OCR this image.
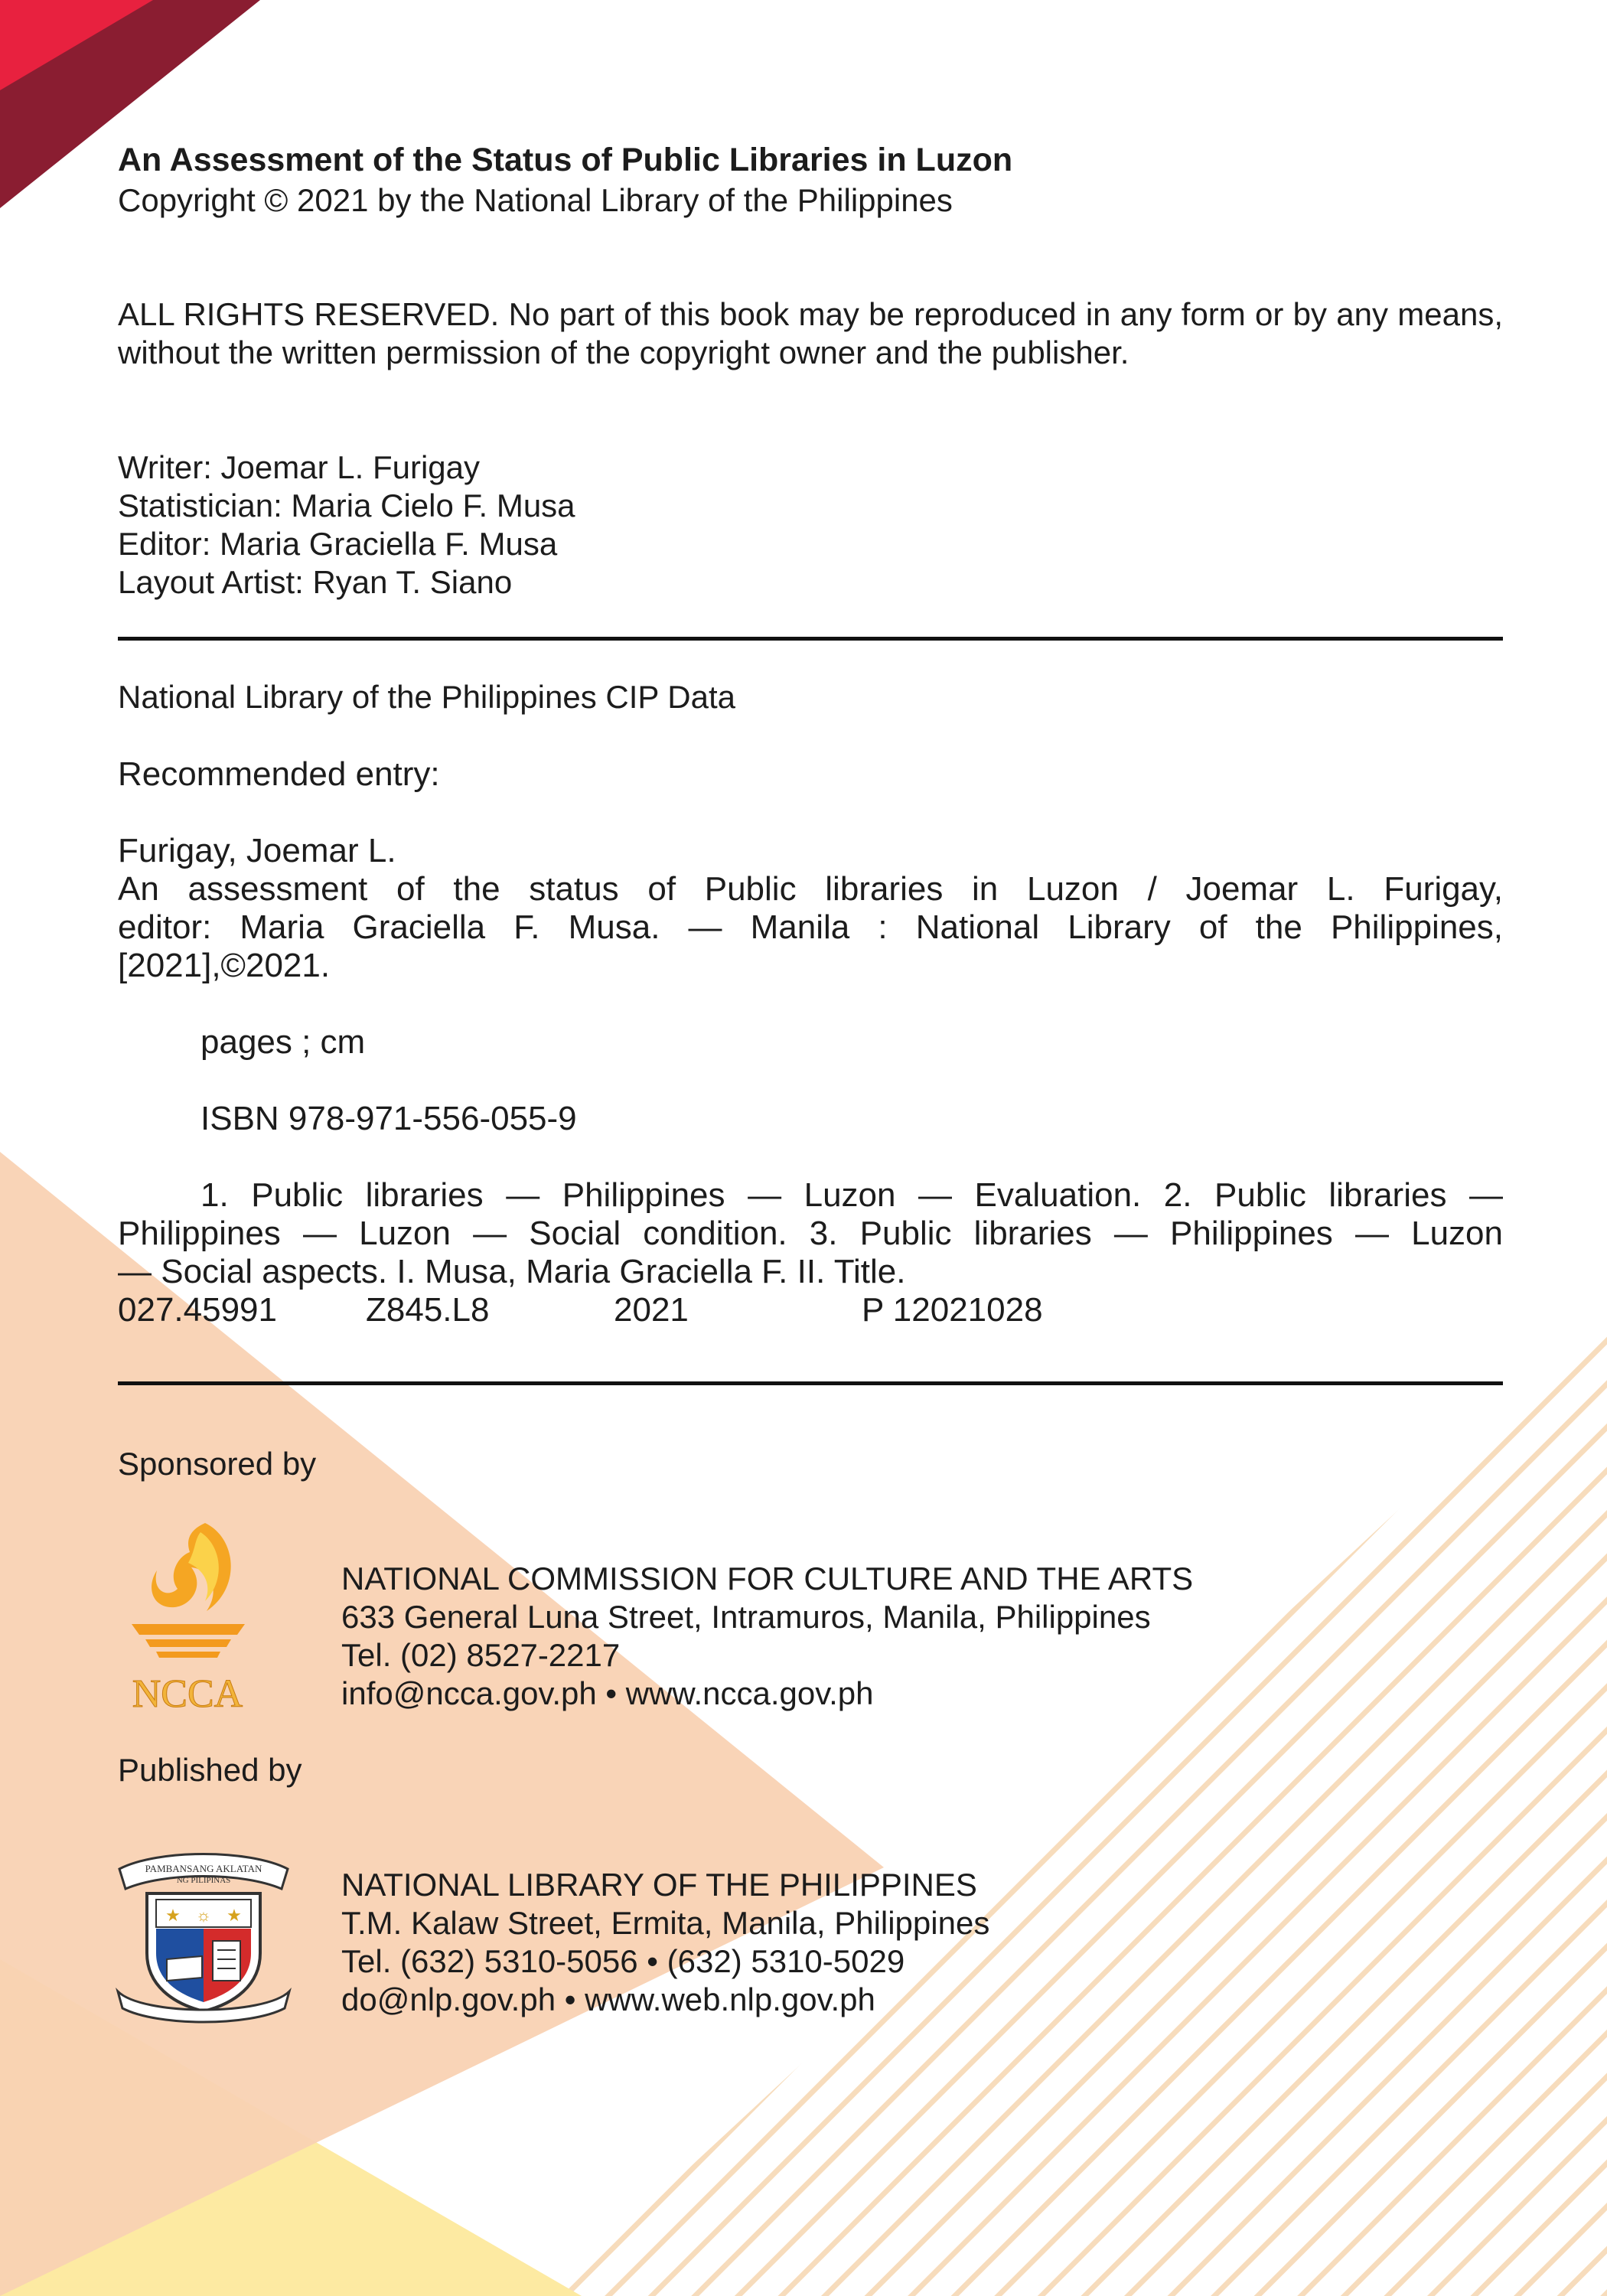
An Assessment of the Status of Public Libraries in Luzon
Copyright © 2021 by the National Library of the Philippines

ALL RIGHTS RESERVED. No part of this book may be reproduced in any form or by any means, without the written permission of the copyright owner and the publisher.

Writer: Joemar L. Furigay
Statistician: Maria Cielo F. Musa
Editor: Maria Graciella F. Musa
Layout Artist: Ryan T. Siano
National Library of the Philippines CIP Data
Recommended entry:
Furigay, Joemar L.
An assessment of the status of Public libraries in Luzon / Joemar L. Furigay,
editor: Maria Graciella F. Musa. — Manila : National Library of the Philippines,
[2021],©2021.
pages ; cm
ISBN 978-971-556-055-9
1. Public libraries — Philippines — Luzon — Evaluation. 2. Public libraries —
Philippines — Luzon — Social condition. 3. Public libraries — Philippines — Luzon
— Social aspects. I. Musa, Maria Graciella F. II. Title.
027.45991	Z845.L8	2021	P 12021028
Sponsored by
NCCA
NATIONAL COMMISSION FOR CULTURE AND THE ARTS
633 General Luna Street, Intramuros, Manila, Philippines
Tel. (02) 8527-2217
info@ncca.gov.ph • www.ncca.gov.ph
Published by
PAMBANSANG AKLATAN
NG PILIPINAS
★ ☼ ★
NATIONAL LIBRARY OF THE PHILIPPINES
T.M. Kalaw Street, Ermita, Manila, Philippines
Tel. (632) 5310-5056 • (632) 5310-5029
do@nlp.gov.ph • www.web.nlp.gov.ph
